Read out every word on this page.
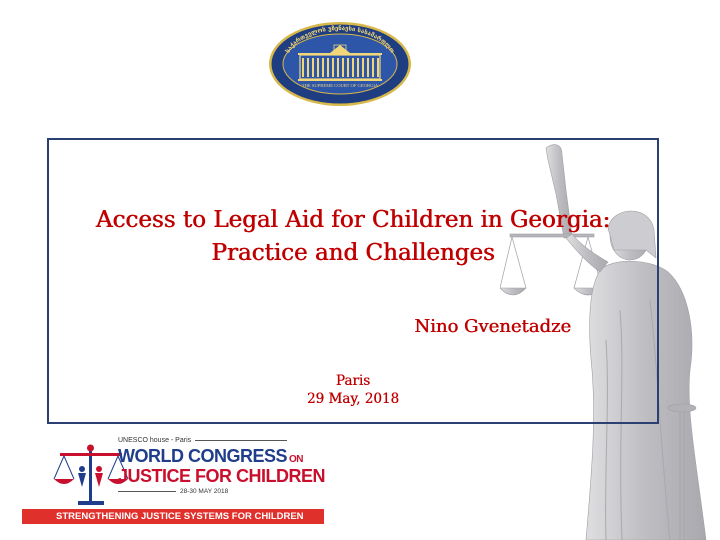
საქართველოს უზენაესი სასამართლო
THE SUPREME COURT OF GEORGIA
Access to Legal Aid for Children in Georgia:
Practice and Challenges
Nino Gvenetadze
Paris
29 May, 2018
UNESCO house - Paris
WORLD CONGRESS ON
JUSTICE FOR CHILDREN
28-30 MAY 2018
STRENGTHENING JUSTICE SYSTEMS FOR CHILDREN
